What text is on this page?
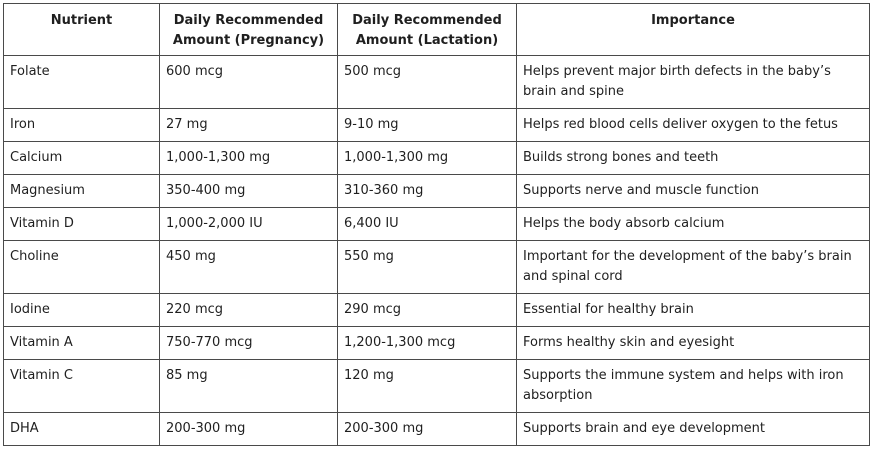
Nutrient	Daily Recommended Amount (Pregnancy)	Daily Recommended Amount (Lactation)	Importance
Folate	600 mcg	500 mcg	Helps prevent major birth defects in the baby’s brain and spine
Iron	27 mg	9-10 mg	Helps red blood cells deliver oxygen to the fetus
Calcium	1,000-1,300 mg	1,000-1,300 mg	Builds strong bones and teeth
Magnesium	350-400 mg	310-360 mg	Supports nerve and muscle function
Vitamin D	1,000-2,000 IU	6,400 IU	Helps the body absorb calcium
Choline	450 mg	550 mg	Important for the development of the baby’s brain and spinal cord
Iodine	220 mcg	290 mcg	Essential for healthy brain
Vitamin A	750-770 mcg	1,200-1,300 mcg	Forms healthy skin and eyesight
Vitamin C	85 mg	120 mg	Supports the immune system and helps with iron absorption
DHA	200-300 mg	200-300 mg	Supports brain and eye development
